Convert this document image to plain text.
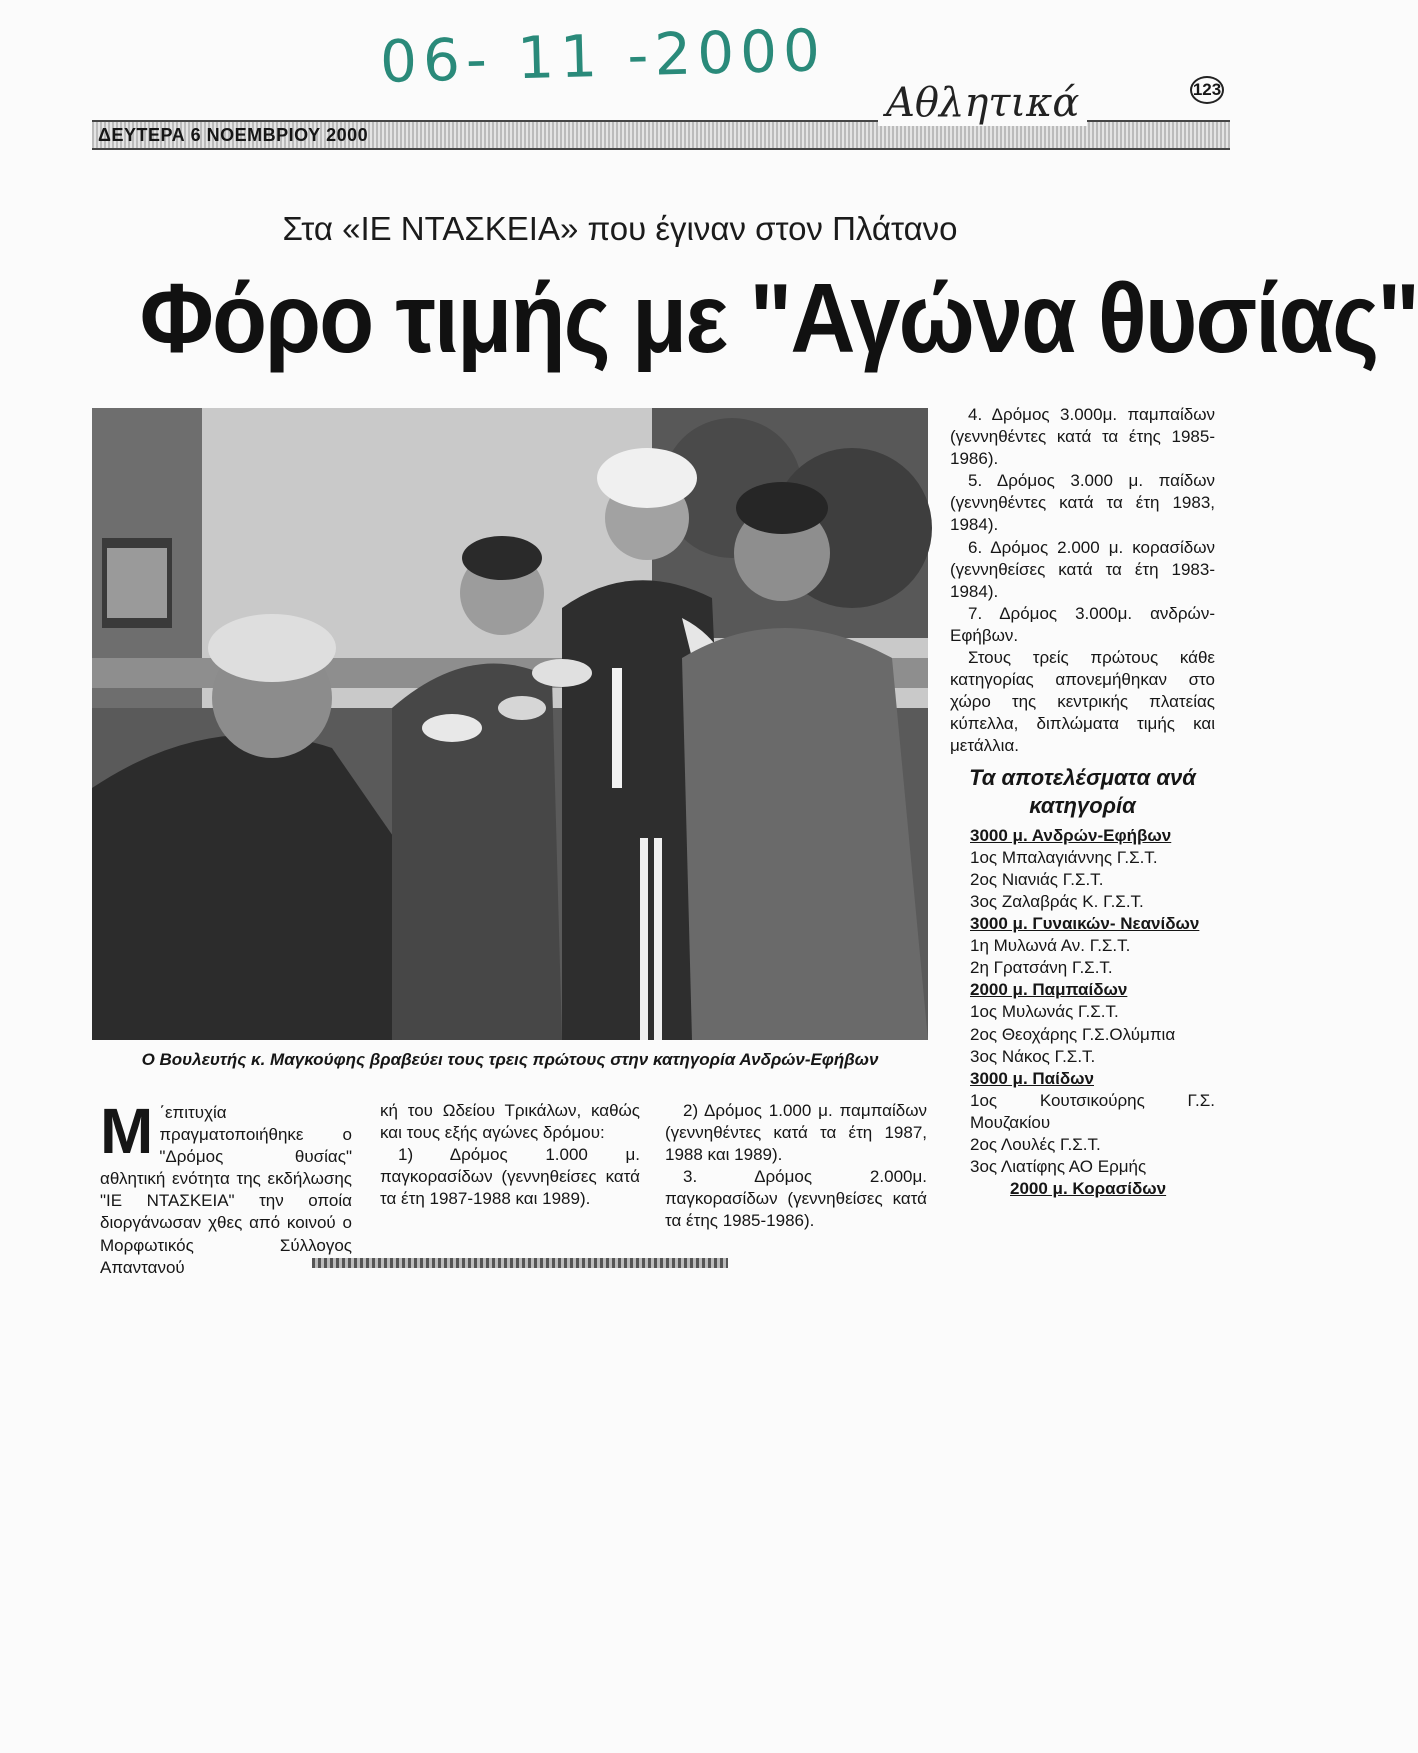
06- 11 -2000	123
ΔΕΥΤΕΡΑ 6 ΝΟΕΜΒΡΙΟΥ 2000
Αθλητικά
Στα «ΙΕ ΝΤΑΣΚΕΙΑ» που έγιναν στον Πλάτανο
Φόρο τιμής με "Αγώνα θυσίας"
Ο Βουλευτής κ. Μαγκούφης βραβεύει τους τρεις πρώτους στην κατηγορία Ανδρών-Εφήβων
Μ ΄επιτυχία πραγματοποιήθηκε ο "Δρόμος θυσίας" αθλητική ενότητα της εκδήλωσης "ΙΕ ΝΤΑΣΚΕΙΑ" την οποία διοργάνωσαν χθες από κοινού ο Μορφωτικός Σύλλογος Απαντανού

κή του Ωδείου Τρικάλων, καθώς και τους εξής αγώνες δρόμου:

1) Δρόμος 1.000 μ. παγκορασίδων (γεννηθείσες κατά τα έτη 1987-1988 και 1989).

2) Δρόμος 1.000 μ. παμπαίδων (γεννηθέντες κατά τα έτη 1987, 1988 και 1989).

3. Δρόμος 2.000μ. παγκορασίδων (γεννηθείσες κατά τα έτης 1985-1986).

4. Δρόμος 3.000μ. παμπαίδων (γεννηθέντες κατά τα έτης 1985-1986).

5. Δρόμος 3.000 μ. παίδων (γεννηθέντες κατά τα έτη 1983, 1984).

6. Δρόμος 2.000 μ. κορασίδων (γεννηθείσες κατά τα έτη 1983-1984).

7. Δρόμος 3.000μ. ανδρών-Εφήβων.

Στους τρείς πρώτους κάθε κατηγορίας απονεμήθηκαν στο χώρο της κεντρικής πλατείας κύπελλα, διπλώματα τιμής και μετάλλια.

Τα αποτελέσματα ανά κατηγορία
3000 μ. Ανδρών-Εφήβων
1ος Μπαλαγιάννης Γ.Σ.Τ.
2ος Νιανιάς Γ.Σ.Τ.
3ος Ζαλαβράς Κ. Γ.Σ.Τ.
3000 μ. Γυναικών- Νεανίδων
1η Μυλωνά Αν. Γ.Σ.Τ.
2η Γρατσάνη Γ.Σ.Τ.
2000 μ. Παμπαίδων
1ος Μυλωνάς Γ.Σ.Τ.
2ος Θεοχάρης Γ.Σ.Ολύμπια
3ος Νάκος Γ.Σ.Τ.
3000 μ. Παίδων
1ος Κουτσικούρης Γ.Σ. Μουζακίου
2ος Λουλές Γ.Σ.Τ.
3ος Λιατίφης ΑΟ Ερμής
2000 μ. Κορασίδων
